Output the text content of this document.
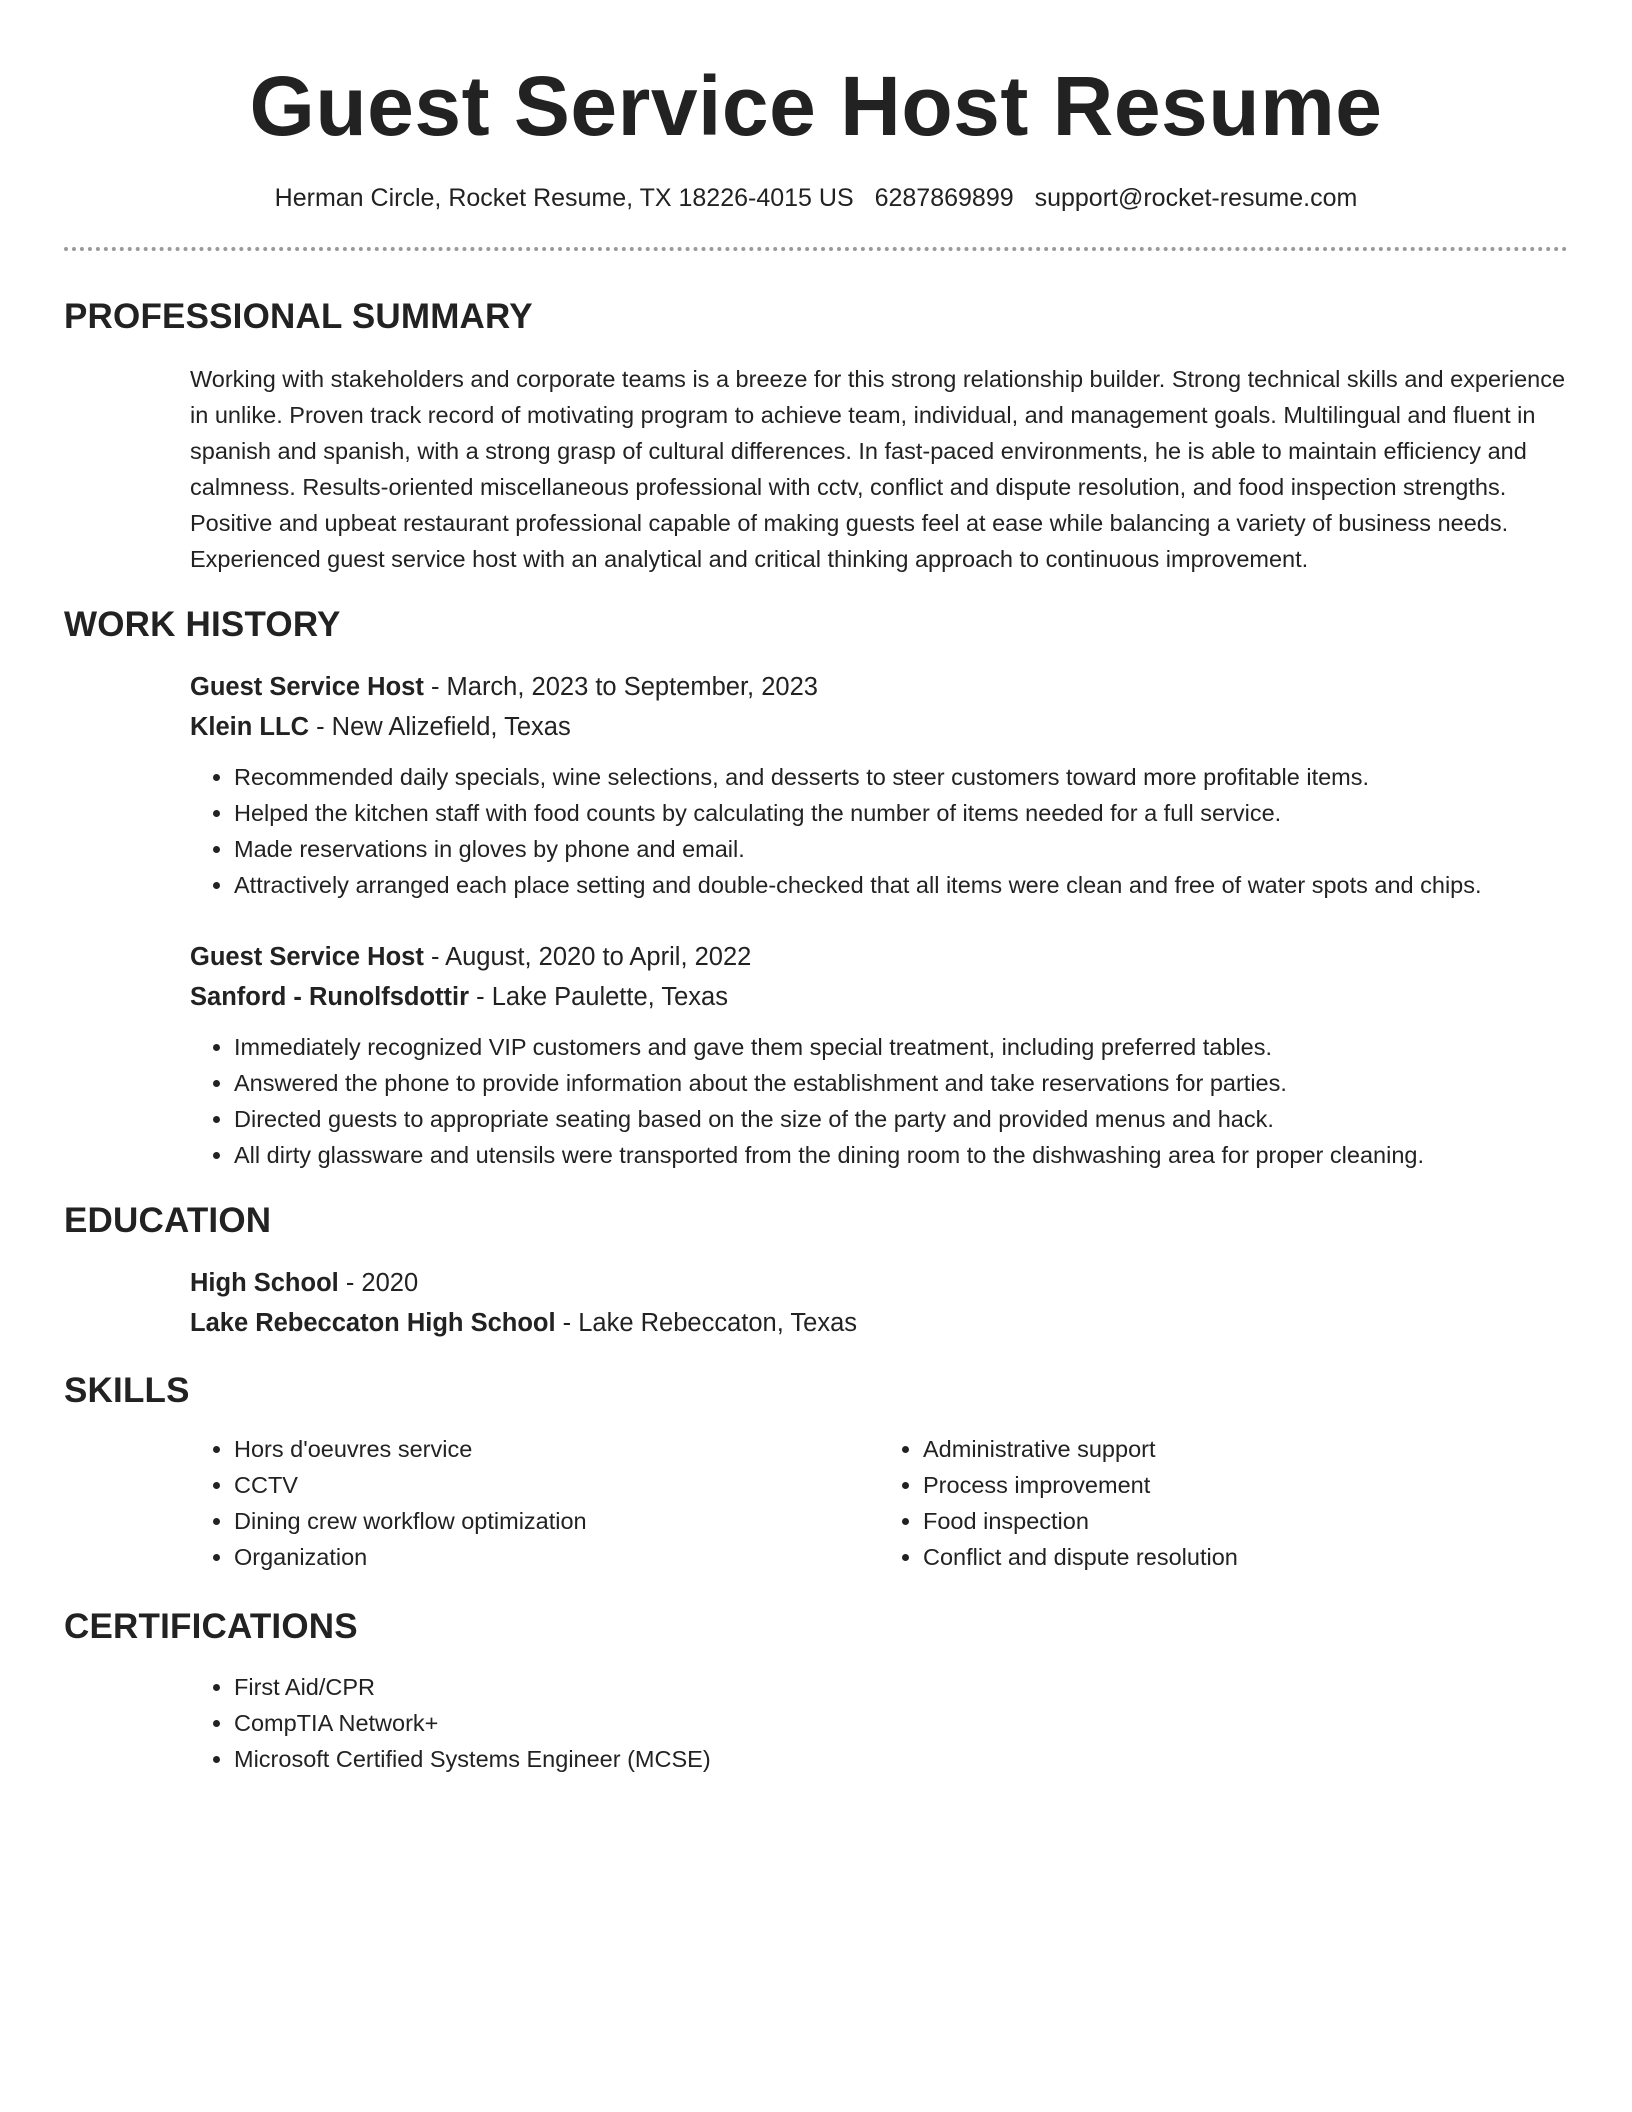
Guest Service Host Resume
Herman Circle, Rocket Resume, TX 18226-4015 US 6287869899 support@rocket-resume.com
PROFESSIONAL SUMMARY

Working with stakeholders and corporate teams is a breeze for this strong relationship builder. Strong technical skills and experience in unlike. Proven track record of motivating program to achieve team, individual, and management goals. Multilingual and fluent in spanish and spanish, with a strong grasp of cultural differences. In fast-paced environments, he is able to maintain efficiency and calmness. Results-oriented miscellaneous professional with cctv, conflict and dispute resolution, and food inspection strengths. Positive and upbeat restaurant professional capable of making guests feel at ease while balancing a variety of business needs. Experienced guest service host with an analytical and critical thinking approach to continuous improvement.

WORK HISTORY
Guest Service Host - March, 2023 to September, 2023
Klein LLC - New Alizefield, Texas
• Recommended daily specials, wine selections, and desserts to steer customers toward more profitable items.
• Helped the kitchen staff with food counts by calculating the number of items needed for a full service.
• Made reservations in gloves by phone and email.
• Attractively arranged each place setting and double-checked that all items were clean and free of water spots and chips.
Guest Service Host - August, 2020 to April, 2022
Sanford - Runolfsdottir - Lake Paulette, Texas
• Immediately recognized VIP customers and gave them special treatment, including preferred tables.
• Answered the phone to provide information about the establishment and take reservations for parties.
• Directed guests to appropriate seating based on the size of the party and provided menus and hack.
• All dirty glassware and utensils were transported from the dining room to the dishwashing area for proper cleaning.
EDUCATION
High School - 2020
Lake Rebeccaton High School - Lake Rebeccaton, Texas
SKILLS
• Hors d'oeuvres service
• CCTV
• Dining crew workflow optimization
• Organization
• Administrative support
• Process improvement
• Food inspection
• Conflict and dispute resolution
CERTIFICATIONS
• First Aid/CPR
• CompTIA Network+
• Microsoft Certified Systems Engineer (MCSE)
